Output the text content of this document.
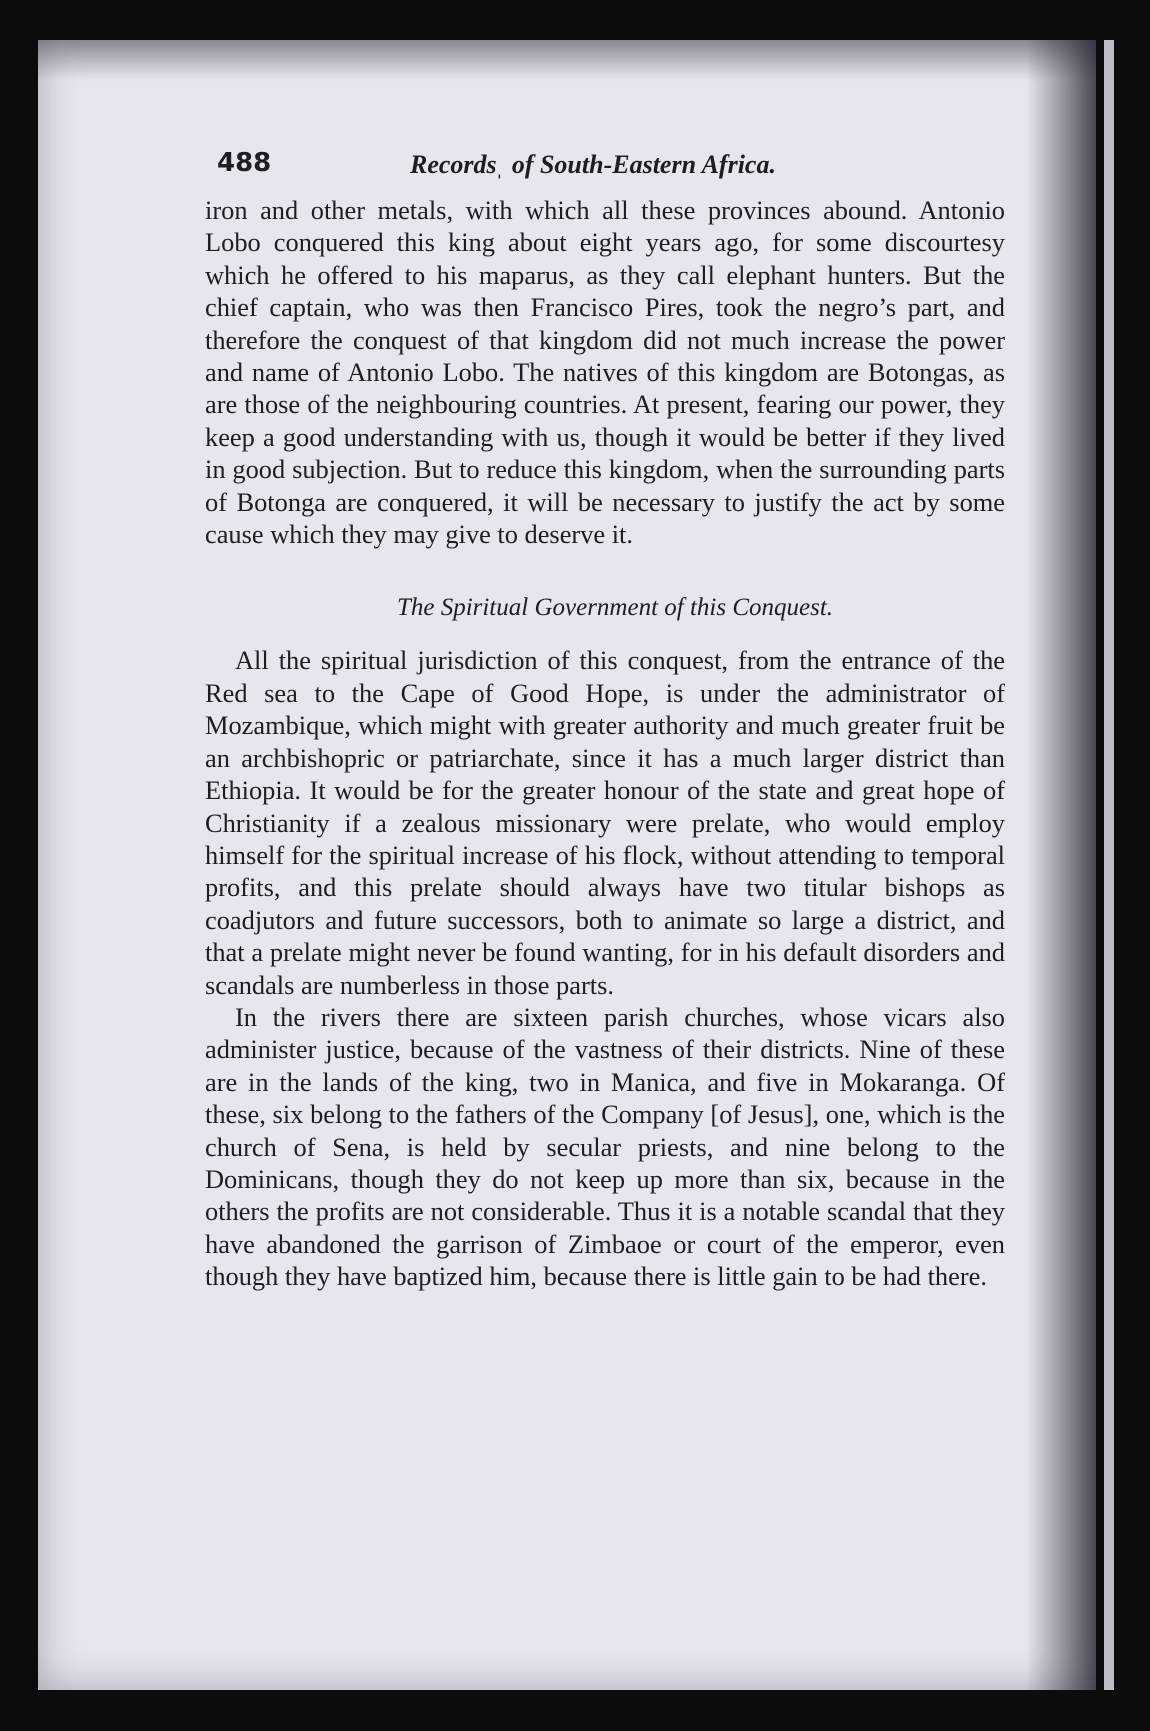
488	Recordsˌ of South-Eastern Africa.

iron and other metals, with which all these provinces abound. Antonio Lobo conquered this king about eight years ago, for some discourtesy which he offered to his maparus, as they call elephant hunters. But the chief captain, who was then Francisco Pires, took the negro’s part, and therefore the conquest of that kingdom did not much increase the power and name of Antonio Lobo. The natives of this kingdom are Botongas, as are those of the neighbouring countries. At present, fearing our power, they keep a good understanding with us, though it would be better if they lived in good subjection. But to reduce this kingdom, when the surrounding parts of Botonga are conquered, it will be necessary to justify the act by some cause which they may give to deserve it.

The Spiritual Government of this Conquest.

All the spiritual jurisdiction of this conquest, from the entrance of the Red sea to the Cape of Good Hope, is under the administrator of Mozambique, which might with greater authority and much greater fruit be an archbishopric or patriarchate, since it has a much larger district than Ethiopia. It would be for the greater honour of the state and great hope of Christianity if a zealous missionary were prelate, who would employ himself for the spiritual increase of his flock, without attending to temporal profits, and this prelate should always have two titular bishops as coadjutors and future successors, both to animate so large a district, and that a prelate might never be found wanting, for in his default disorders and scandals are numberless in those parts.

In the rivers there are sixteen parish churches, whose vicars also administer justice, because of the vastness of their districts. Nine of these are in the lands of the king, two in Manica, and five in Mokaranga. Of these, six belong to the fathers of the Company [of Jesus], one, which is the church of Sena, is held by secular priests, and nine belong to the Dominicans, though they do not keep up more than six, because in the others the profits are not considerable. Thus it is a notable scandal that they have abandoned the garrison of Zimbaoe or court of the emperor, even though they have baptized him, because there is little gain to be had there.
